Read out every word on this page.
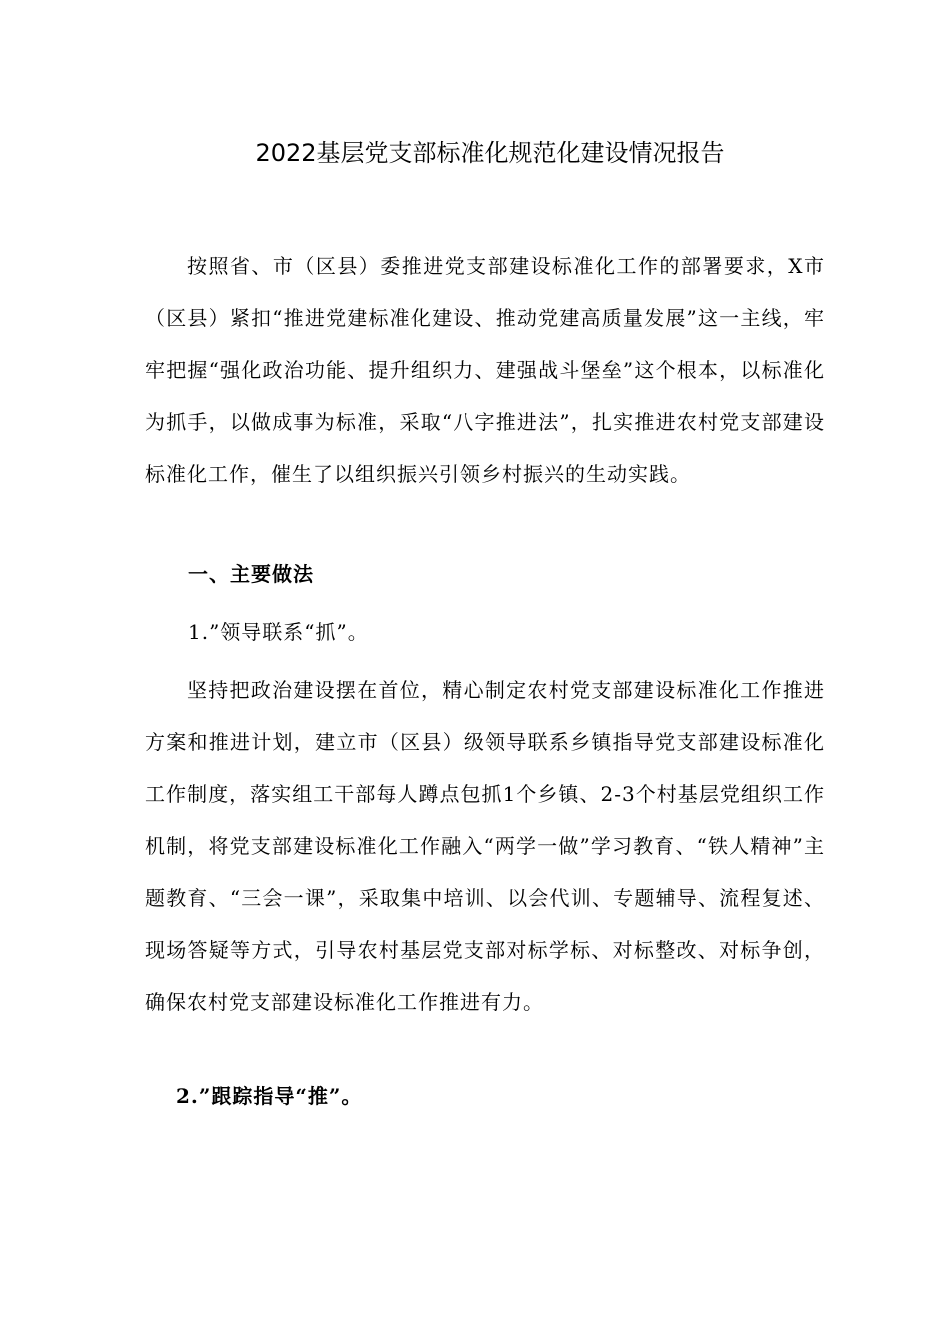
2022基层党支部标准化规范化建设情况报告

按照省、市（区县）委推进党支部建设标准化工作的部署要求，X市（区县）紧扣“推进党建标准化建设、推动党建高质量发展”这一主线，牢牢把握“强化政治功能、提升组织力、建强战斗堡垒”这个根本，以标准化为抓手，以做成事为标准，采取“八字推进法”，扎实推进农村党支部建设标准化工作，催生了以组织振兴引领乡村振兴的生动实践。

一、主要做法
1.”领导联系“抓”。

坚持把政治建设摆在首位，精心制定农村党支部建设标准化工作推进方案和推进计划，建立市（区县）级领导联系乡镇指导党支部建设标准化工作制度，落实组工干部每人蹲点包抓1个乡镇、2-3个村基层党组织工作机制，将党支部建设标准化工作融入“两学一做”学习教育、“铁人精神”主题教育、“三会一课”，采取集中培训、以会代训、专题辅导、流程复述、现场答疑等方式，引导农村基层党支部对标学标、对标整改、对标争创，确保农村党支部建设标准化工作推进有力。

2.”跟踪指导“推”。
